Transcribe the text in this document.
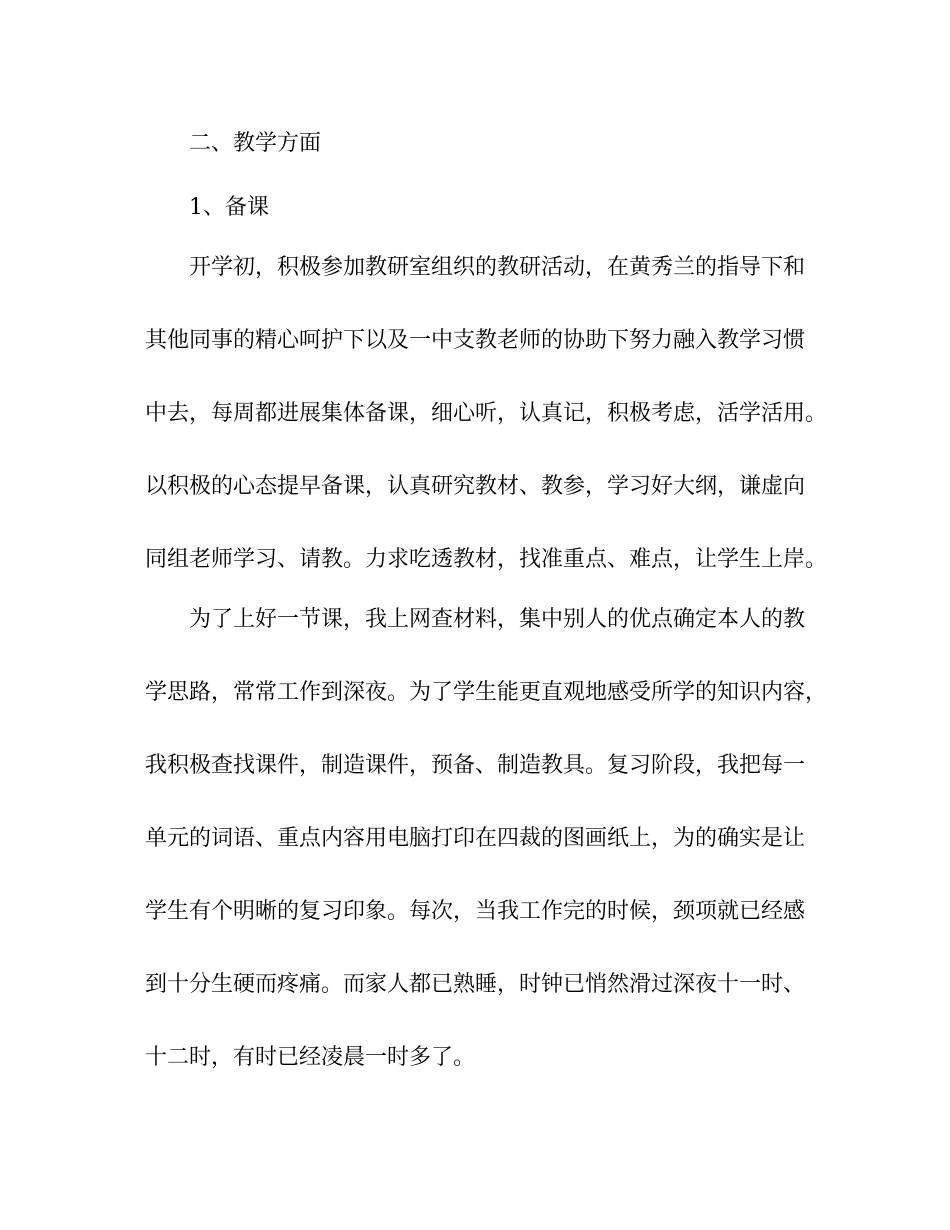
二、教学方面
1、备课
开学初，积极参加教研室组织的教研活动，在黄秀兰的指导下和
其他同事的精心呵护下以及一中支教老师的协助下努力融入教学习惯
中去，每周都进展集体备课，细心听，认真记，积极考虑，活学活用。
以积极的心态提早备课，认真研究教材、教参，学习好大纲，谦虚向
同组老师学习、请教。力求吃透教材，找准重点、难点，让学生上岸。
为了上好一节课，我上网查材料，集中别人的优点确定本人的教
学思路，常常工作到深夜。为了学生能更直观地感受所学的知识内容，
我积极查找课件，制造课件，预备、制造教具。复习阶段，我把每一
单元的词语、重点内容用电脑打印在四裁的图画纸上，为的确实是让
学生有个明晰的复习印象。每次，当我工作完的时候，颈项就已经感
到十分生硬而疼痛。而家人都已熟睡，时钟已悄然滑过深夜十一时、
十二时，有时已经凌晨一时多了。
